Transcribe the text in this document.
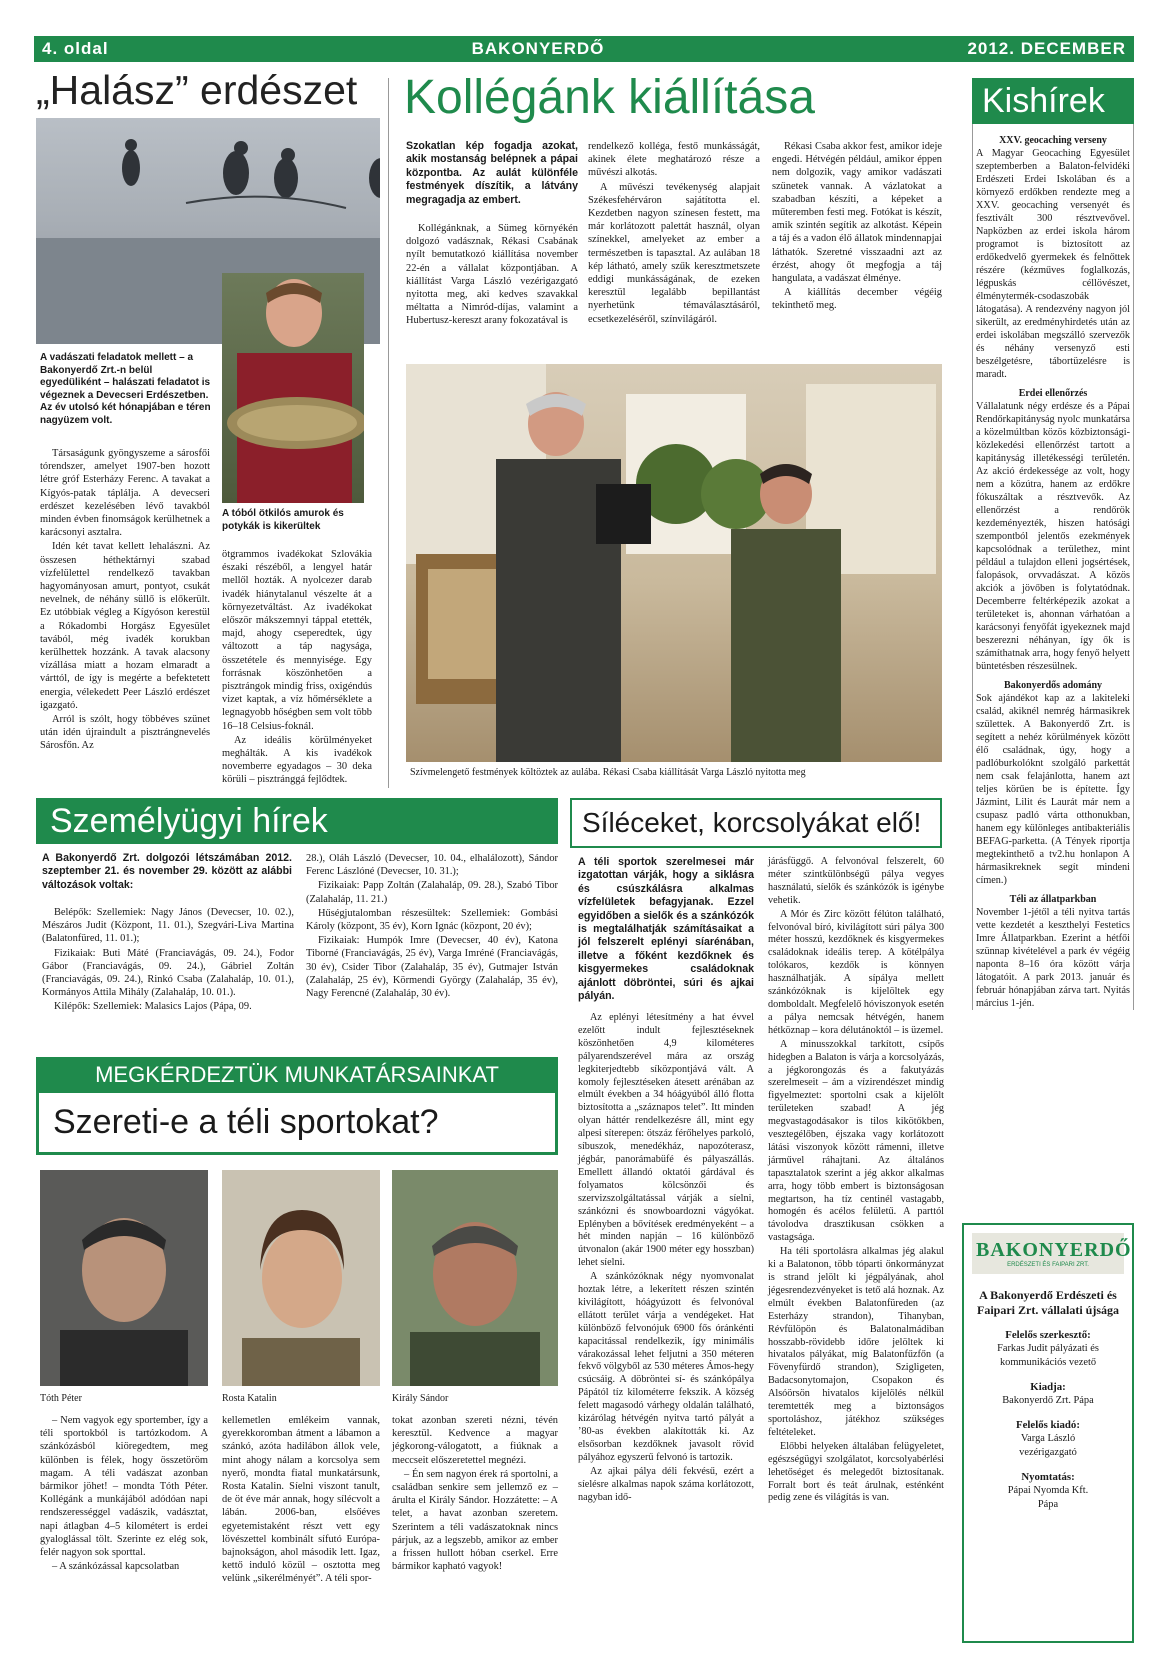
4. oldal	BAKONYERDŐ	2012. DECEMBER
„Halász” erdészet
A vadászati feladatok mellett – a Bakonyerdő Zrt.-n belül egyedüliként – halászati feladatot is végeznek a Devecseri Erdészetben. Az év utolsó két hónapjában e téren nagyüzem volt.
A tóból ötkilós amurok és potykák is kikerültek

Társaságunk gyöngyszeme a sárosfői tórendszer, amelyet 1907-ben hozott létre gróf Esterházy Ferenc. A tavakat a Kígyós-patak táplálja. A devecseri erdészet kezelésében lévő tavakból minden évben finomságok kerülhetnek a karácsonyi asztalra.

Idén két tavat kellett lehalászni. Az összesen héthektárnyi szabad vízfelülettel rendelkező tavakban hagyományosan amurt, pontyot, csukát nevelnek, de néhány süllő is előkerült. Ez utóbbiak végleg a Kígyóson kerestül a Rókadombi Horgász Egyesület tavából, még ivadék korukban kerülhettek hozzánk. A tavak alacsony vízállása miatt a hozam elmaradt a várttól, de így is megérte a befektetett energia, vélekedett Peer László erdészet igazgató.

Arról is szólt, hogy többéves szünet után idén újraindult a pisztrángnevelés Sárosfőn. Az

ötgrammos ivadékokat Szlovákia északi részéből, a lengyel határ mellől hozták. A nyolcezer darab ivadék hiánytalanul vészelte át a környezetváltást. Az ivadékokat először mákszemnyi táppal etették, majd, ahogy cseperedtek, úgy változott a táp nagysága, összetétele és mennyisége. Egy forrásnak köszönhetően a pisztrángok mindig friss, oxigéndús vizet kaptak, a víz hőmérséklete a legnagyobb hőségben sem volt több 16–18 Celsius-foknál.

Az ideális körülményeket meghálták. A kis ivadékok novemberre egyadagos – 30 deka körüli – pisztránggá fejlődtek.

Kollégánk kiállítása
Szokatlan kép fogadja azokat, akik mostanság belépnek a pápai központba. Az aulát különféle festmények díszítik, a látvány megragadja az embert.

Kollégánknak, a Sümeg környékén dolgozó vadásznak, Rékasi Csabának nyílt bemutatkozó kiállítása november 22-én a vállalat központjában. A kiállítást Varga László vezérigazgató nyitotta meg, aki kedves szavakkal méltatta a Nimród-díjas, valamint a Hubertusz-kereszt arany fokozatával is

rendelkező kolléga, festő munkásságát, akinek élete meghatározó része a művészi alkotás.

A művészi tevékenység alapjait Székesfehérváron sajátította el. Kezdetben nagyon színesen festett, ma már korlátozott palettát használ, olyan színekkel, amelyeket az ember a természetben is tapasztal. Az aulában 18 kép látható, amely szűk keresztmetszete eddigi munkásságának, de ezeken keresztül legalább bepillantást nyerhetünk témaválasztásáról, ecsetkezeléséről, színvilágáról.

Rékasi Csaba akkor fest, amikor ideje engedi. Hétvégén például, amikor éppen nem dolgozik, vagy amikor vadászati szünetek vannak. A vázlatokat a szabadban készíti, a képeket a műteremben festi meg. Fotókat is készít, amik szintén segítik az alkotást. Képein a táj és a vadon élő állatok mindennapjai láthatók. Szeretné visszaadni azt az érzést, ahogy őt megfogja a táj hangulata, a vadászat élménye.

A kiállítás december végéig tekinthető meg.

Szívmelengető festmények költöztek az aulába. Rékasi Csaba kiállítását Varga László nyitotta meg
Személyügyi hírek
A Bakonyerdő Zrt. dolgozói létszámában 2012. szeptember 21. és november 29. között az alábbi változások voltak:

Belépők: Szellemiek: Nagy János (Devecser, 10. 02.), Mészáros Judit (Központ, 11. 01.), Szegvári-Liva Martina (Balatonfüred, 11. 01.);

Fizikaiak: Buti Máté (Franciavágás, 09. 24.), Fodor Gábor (Franciavágás, 09. 24.), Gábriel Zoltán (Franciavágás, 09. 24.), Rinkó Csaba (Zalahaláp, 10. 01.), Kormányos Attila Mihály (Zalahaláp, 10. 01.).

Kilépők: Szellemiek: Malasics Lajos (Pápa, 09.

28.), Oláh László (Devecser, 10. 04., elhalálozott), Sándor Ferenc Lászlóné (Devecser, 10. 31.);

Fizikaiak: Papp Zoltán (Zalahaláp, 09. 28.), Szabó Tibor (Zalahaláp, 11. 21.)

Hűségjutalomban részesültek: Szellemiek: Gombási Károly (központ, 35 év), Korn Ignác (központ, 20 év);

Fizikaiak: Humpók Imre (Devecser, 40 év), Katona Tiborné (Franciavágás, 25 év), Varga Imréné (Franciavágás, 30 év), Csider Tibor (Zalahaláp, 35 év), Gutmajer István (Zalahaláp, 25 év), Körmendi György (Zalahaláp, 35 év), Nagy Ferencné (Zalahaláp, 30 év).

MEGKÉRDEZTÜK MUNKATÁRSAINKAT
Szereti-e a téli sportokat?
Tóth Péter	Rosta Katalin	Király Sándor

– Nem vagyok egy sportember, így a téli sportokból is tartózkodom. A szánkózásból kiöregedtem, meg különben is félek, hogy összetöröm magam. A téli vadászat azonban bármikor jöhet! – mondta Tóth Péter. Kollégánk a munkájából adódóan napi rendszerességgel vadászik, vadásztat, napi átlagban 4–5 kilométert is erdei gyaloglással tölt. Szerinte ez elég sok, felér nagyon sok sporttal.

– A szánkózással kapcsolatban

kellemetlen emlékeim vannak, gyerekkoromban átment a lábamon a szánkó, azóta hadilábon állok vele, mint ahogy nálam a korcsolya sem nyerő, mondta fiatal munkatársunk, Rosta Katalin. Síelni viszont tanult, de öt éve már annak, hogy sílécvolt a lábán. 2006-ban, elsőéves egyetemistaként részt vett egy lövészettel kombinált sífutó Európa-bajnokságon, ahol második lett. Igaz, kettő induló közül – osztotta meg velünk „sikerélményét”. A téli spor-

tokat azonban szereti nézni, tévén keresztül. Kedvence a magyar jégkorong-válogatott, a fiúknak a meccseit előszeretettel megnézi.

– Én sem nagyon érek rá sportolni, a családban senkire sem jellemző ez – árulta el Király Sándor. Hozzátette: – A telet, a havat azonban szeretem. Szerintem a téli vadászatoknak nincs párjuk, az a legszebb, amikor az ember a frissen hullott hóban cserkel. Erre bármikor kapható vagyok!

Síléceket, korcsolyákat elő!
A téli sportok szerelmesei már izgatottan várják, hogy a siklásra és csúszkálásra alkalmas vízfelületek befagyjanak. Ezzel egyidőben a sielők és a szánkózók is megtalálhatják számításaikat a jól felszerelt eplényi síarénában, illetve a főként kezdőknek és kisgyermekes családoknak ajánlott döbröntei, súri és ajkai pályán.

Az eplényi létesítmény a hat évvel ezelőtt indult fejlesztéseknek köszönhetően 4,9 kilométeres pályarendszerével mára az ország legkiterjedtebb síközpontjává vált. A komoly fejlesztéseken átesett arénában az elmúlt években a 34 hóágyúból álló flotta biztosította a „száznapos telet”. Itt minden olyan háttér rendelkezésre áll, mint egy alpesi síterepen: ötszáz férőhelyes parkoló, síbuszok, menedékház, napozóterasz, jégbár, panorámabüfé és pályaszállás. Emellett állandó oktatói gárdával és folyamatos kölcsönzői és szervizszolgáltatással várják a síelni, szánkózni és snowboardozni vágyókat. Eplényben a bővítések eredményeként – a hét minden napján – 16 különböző útvonalon (akár 1900 méter egy hosszban) lehet síelni.

A szánkózóknak négy nyomvonalat hoztak létre, a lekerített részen szintén kivilágított, hóágyúzott és felvonóval ellátott terület várja a vendégeket. Hat különböző felvonójuk 6900 fős óránkénti kapacitással rendelkezik, így minimális várakozással lehet feljutni a 350 méteren fekvő völgyből az 530 méteres Ámos-hegy csúcsáig. A döbröntei sí- és szánkópálya Pápától tíz kilométerre fekszik. A község felett magasodó várhegy oldalán található, kizárólag hétvégén nyitva tartó pályát a ’80-as években alakították ki. Az elsősorban kezdőknek javasolt rövid pályához egyszerű felvonó is tartozik.

Az ajkai pálya déli fekvésű, ezért a síelésre alkalmas napok száma korlátozott, nagyban idő-

járásfüggő. A felvonóval felszerelt, 60 méter szintkülönbségű pálya vegyes használatú, síelők és szánkózók is igénybe vehetik.

A Mór és Zirc között félúton található, felvonóval bíró, kivilágított súri pálya 300 méter hosszú, kezdőknek és kisgyermekes családoknak ideális terep. A kötélpálya tolókaros, kezdők is könnyen használhatják. A sípálya mellett szánkózóknak is kijelöltek egy domboldalt. Megfelelő hóviszonyok esetén a pálya nemcsak hétvégén, hanem hétköznap – kora délutánoktól – is üzemel.

A minusszokkal tarkított, csípős hidegben a Balaton is várja a korcsolyázás, a jégkorongozás és a fakutyázás szerelmeseit – ám a vízirendészet mindig figyelmeztet: sportolni csak a kijelölt területeken szabad! A jég megvastagodásakor is tilos kikötőkben, vesztegélőben, éjszaka vagy korlátozott látási viszonyok között rámenni, illetve járművel ráhajtani. Az általános tapasztalatok szerint a jég akkor alkalmas arra, hogy több embert is biztonságosan megtartson, ha tíz centinél vastagabb, homogén és acélos felületű. A parttól távolodva drasztikusan csökken a vastagsága.

Ha téli sportolásra alkalmas jég alakul ki a Balatonon, több tóparti önkormányzat is strand jelölt ki jégpályának, ahol jégesrendezvényeket is tető alá hoznak. Az elmúlt években Balatonfüreden (az Esterházy strandon), Tihanyban, Révfülöpön és Balatonalmádiban hosszabb-rövidebb időre jelöltek ki hivatalos pályákat, míg Balatonfűzfőn (a Fövenyfürdő strandon), Szigligeten, Badacsonytomajon, Csopakon és Alsóörsön hivatalos kijelölés nélkül teremtették meg a biztonságos sportoláshoz, játékhoz szükséges feltételeket.

Előbbi helyeken általában felügyeletet, egészségügyi szolgálatot, korcsolyabérlési lehetőséget és melegedőt biztosítanak. Forralt bort és teát árulnak, esténként pedig zene és világítás is van.

Kishírek
XXV. geocaching verseny

A Magyar Geocaching Egyesület szeptemberben a Balaton-felvidéki Erdészeti Erdei Iskolában és a környező erdőkben rendezte meg a XXV. geocaching versenyét és fesztivált 300 résztvevővel. Napközben az erdei iskola három programot is biztosított az erdőkedvelő gyermekek és felnőttek részére (kézműves foglalkozás, légpuskás céllövészet, élménytermék-csodaszobák látogatása). A rendezvény nagyon jól sikerült, az eredményhirdetés után az erdei iskolában megszálló szervezők és néhány versenyző esti beszélgetésre, tábortüzelésre is maradt.

Erdei ellenőrzés

Vállalatunk négy erdésze és a Pápai Rendőrkapitányság nyolc munkatársa a közelmúltban közös közbiztonsági-közlekedési ellenőrzést tartott a kapitányság illetékességi területén. Az akció érdekessége az volt, hogy nem a közútra, hanem az erdőkre fókuszáltak a résztvevők. Az ellenőrzést a rendőrök kezdeményezték, hiszen hatósági szempontból jelentős ezekmények kapcsolódnak a területhez, mint például a tulajdon elleni jogsértések, falopások, orvvadászat. A közös akciók a jövőben is folytatódnak. Decemberre feltérképezik azokat a területeket is, ahonnan várhatóan a karácsonyi fenyőfát igyekeznek majd beszerezni néhányan, így ők is számíthatnak arra, hogy fenyő helyett büntetésben részesülnek.

Bakonyerdős adomány

Sok ajándékot kap az a lakiteleki család, akiknél nemrég hármasikrek születtek. A Bakonyerdő Zrt. is segített a nehéz körülmények között élő családnak, úgy, hogy a padlóburkolóknt szolgáló parkettát nem csak felajánlotta, hanem azt teljes körűen be is építette. Így Jázmint, Lilit és Laurát már nem a csupasz padló várta otthonukban, hanem egy különleges antibakteriális BEFAG-parketta. (A Tények riportja megtekinthető a tv2.hu honlapon A hármasikreknek segít mindeni címen.)

Téli az állatparkban

November 1-jétől a téli nyitva tartás vette kezdetét a keszthelyi Festetics Imre Állatparkban. Ezerint a hétfői szünnap kivételével a park év végéig naponta 8–16 óra között várja látogatóit. A park 2013. január és február hónapjában zárva tart. Nyitás március 1-jén.

BAKONYERDŐ
ERDÉSZETI ÉS FAIPARI ZRT.
A Bakonyerdő Erdészeti és Faipari Zrt. vállalati újsága
Felelős szerkesztő:
Farkas Judit pályázati és kommunikációs vezető
Kiadja:
Bakonyerdő Zrt. Pápa
Felelős kiadó:
Varga László vezérigazgató
Nyomtatás:
Pápai Nyomda Kft. Pápa
